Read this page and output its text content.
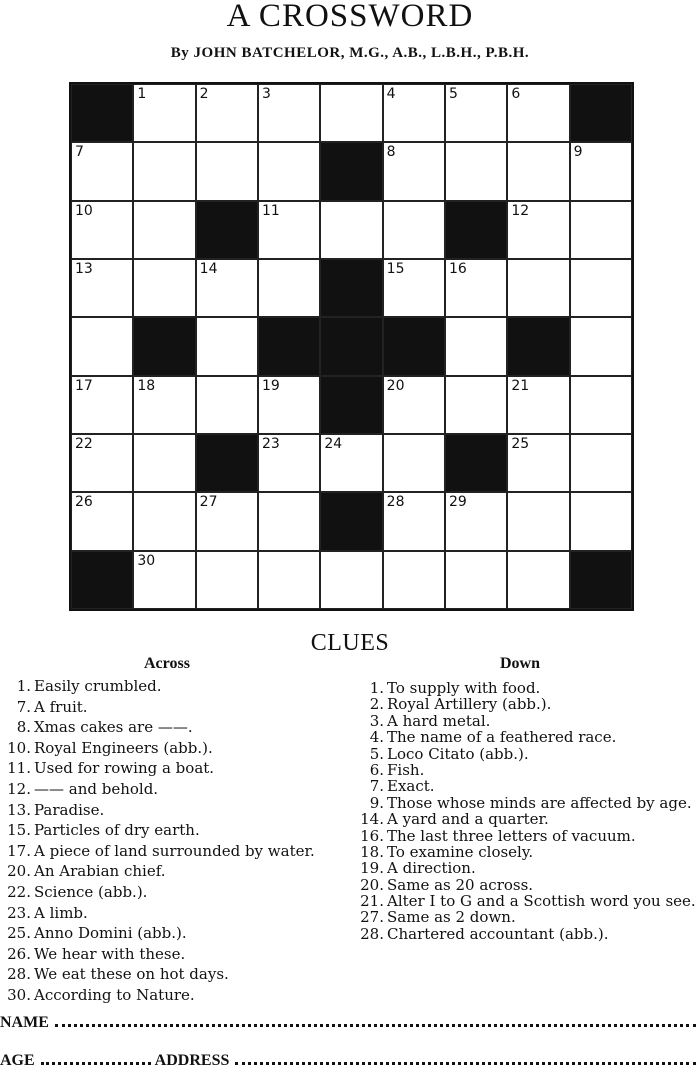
A CROSSWORD
By JOHN BATCHELOR, M.G., A.B., L.B.H., P.B.H.
1	2	3	4	5	6
7	8	9
10	11	12
13	14	15	16
17	18	19	20	21
22	23	24	25
26	27	28	29
30
CLUES
Across	Down
1. Easily crumbled.
7. A fruit.
8. Xmas cakes are ——.
10. Royal Engineers (abb.).
11. Used for rowing a boat.
12. —— and behold.
13. Paradise.
15. Particles of dry earth.
17. A piece of land surrounded by water.
20. An Arabian chief.
22. Science (abb.).
23. A limb.
25. Anno Domini (abb.).
26. We hear with these.
28. We eat these on hot days.
30. According to Nature.
1. To supply with food.
2. Royal Artillery (abb.).
3. A hard metal.
4. The name of a feathered race.
5. Loco Citato (abb.).
6. Fish.
7. Exact.
9. Those whose minds are affected by age.
14. A yard and a quarter.
16. The last three letters of vacuum.
18. To examine closely.
19. A direction.
20. Same as 20 across.
21. Alter I to G and a Scottish word you see.
27. Same as 2 down.
28. Chartered accountant (abb.).
NAME
AGE	ADDRESS
